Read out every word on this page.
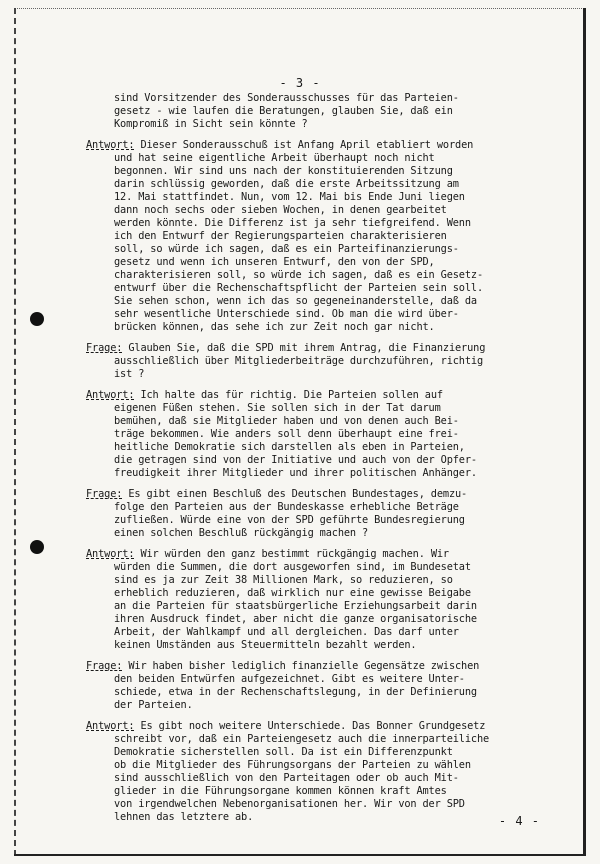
- 3 -
sind Vorsitzender des Sonderausschusses für das Parteien-
gesetz - wie laufen die Beratungen, glauben Sie, daß ein
Kompromiß in Sicht sein könnte ?
Antwort: Dieser Sonderausschuß ist Anfang April etabliert worden
und hat seine eigentliche Arbeit überhaupt noch nicht
begonnen. Wir sind uns nach der konstituierenden Sitzung
darin schlüssig geworden, daß die erste Arbeitssitzung am
12. Mai stattfindet. Nun, vom 12. Mai bis Ende Juni liegen
dann noch sechs oder sieben Wochen, in denen gearbeitet
werden könnte. Die Differenz ist ja sehr tiefgreifend. Wenn
ich den Entwurf der Regierungsparteien charakterisieren
soll, so würde ich sagen, daß es ein Parteifinanzierungs-
gesetz und wenn ich unseren Entwurf, den von der SPD,
charakterisieren soll, so würde ich sagen, daß es ein Gesetz-
entwurf über die Rechenschaftspflicht der Parteien sein soll.
Sie sehen schon, wenn ich das so gegeneinanderstelle, daß da
sehr wesentliche Unterschiede sind. Ob man die wird über-
brücken können, das sehe ich zur Zeit noch gar nicht.
Frage: Glauben Sie, daß die SPD mit ihrem Antrag, die Finanzierung
ausschließlich über Mitgliederbeiträge durchzuführen, richtig
ist ?
Antwort: Ich halte das für richtig. Die Parteien sollen auf
eigenen Füßen stehen. Sie sollen sich in der Tat darum
bemühen, daß sie Mitglieder haben und von denen auch Bei-
träge bekommen. Wie anders soll denn überhaupt eine frei-
heitliche Demokratie sich darstellen als eben in Parteien,
die getragen sind von der Initiative und auch von der Opfer-
freudigkeit ihrer Mitglieder und ihrer politischen Anhänger.
Frage: Es gibt einen Beschluß des Deutschen Bundestages, demzu-
folge den Parteien aus der Bundeskasse erhebliche Beträge
zufließen. Würde eine von der SPD geführte Bundesregierung
einen solchen Beschluß rückgängig machen ?
Antwort: Wir würden den ganz bestimmt rückgängig machen. Wir
würden die Summen, die dort ausgeworfen sind, im Bundesetat
sind es ja zur Zeit 38 Millionen Mark, so reduzieren, so
erheblich reduzieren, daß wirklich nur eine gewisse Beigabe
an die Parteien für staatsbürgerliche Erziehungsarbeit darin
ihren Ausdruck findet, aber nicht die ganze organisatorische
Arbeit, der Wahlkampf und all dergleichen. Das darf unter
keinen Umständen aus Steuermitteln bezahlt werden.
Frage: Wir haben bisher lediglich finanzielle Gegensätze zwischen
den beiden Entwürfen aufgezeichnet. Gibt es weitere Unter-
schiede, etwa in der Rechenschaftslegung, in der Definierung
der Parteien.
Antwort: Es gibt noch weitere Unterschiede. Das Bonner Grundgesetz
schreibt vor, daß ein Parteiengesetz auch die innerparteiliche
Demokratie sicherstellen soll. Da ist ein Differenzpunkt
ob die Mitglieder des Führungsorgans der Parteien zu wählen
sind ausschließlich von den Parteitagen oder ob auch Mit-
glieder in die Führungsorgane kommen können kraft Amtes
von irgendwelchen Nebenorganisationen her. Wir von der SPD
lehnen das letztere ab.	- 4 -
